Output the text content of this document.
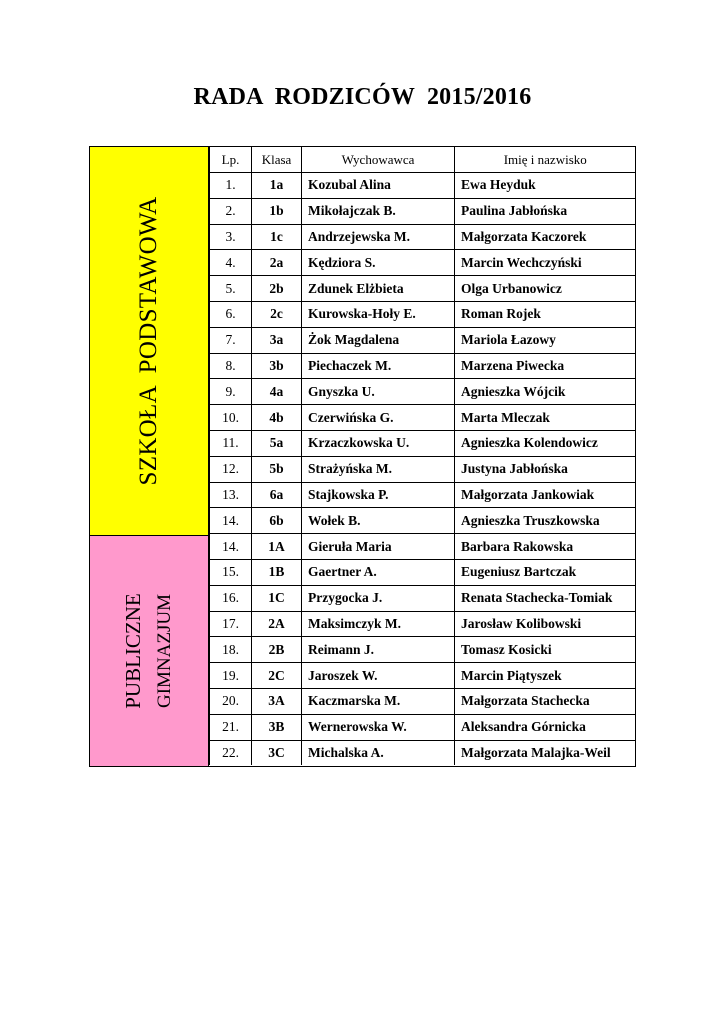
RADA  RODZICÓW  2015/2016
SZKOŁA  PODSTAWOWA
PUBLICZNE GIMNAZJUM
Lp.	Klasa	Wychowawca	Imię i nazwisko
1.	1a	Kozubal Alina	Ewa Heyduk
2.	1b	Mikołajczak B.	Paulina Jabłońska
3.	1c	Andrzejewska M.	Małgorzata Kaczorek
4.	2a	Kędziora S.	Marcin Wechczyński
5.	2b	Zdunek Elżbieta	Olga Urbanowicz
6.	2c	Kurowska-Hoły E.	Roman Rojek
7.	3a	Żok Magdalena	Mariola Łazowy
8.	3b	Piechaczek M.	Marzena Piwecka
9.	4a	Gnyszka U.	Agnieszka Wójcik
10.	4b	Czerwińska G.	Marta Mleczak
11.	5a	Krzaczkowska U.	Agnieszka Kolendowicz
12.	5b	Strażyńska M.	Justyna Jabłońska
13.	6a	Stajkowska P.	Małgorzata Jankowiak
14.	6b	Wołek B.	Agnieszka Truszkowska
14.	1A	Gieruła Maria	Barbara Rakowska
15.	1B	Gaertner A.	Eugeniusz Bartczak
16.	1C	Przygocka J.	Renata Stachecka-Tomiak
17.	2A	Maksimczyk M.	Jarosław Kolibowski
18.	2B	Reimann J.	Tomasz Kosicki
19.	2C	Jaroszek W.	Marcin Piątyszek
20.	3A	Kaczmarska M.	Małgorzata Stachecka
21.	3B	Wernerowska W.	Aleksandra Górnicka
22.	3C	Michalska A.	Małgorzata Malajka-Weil
